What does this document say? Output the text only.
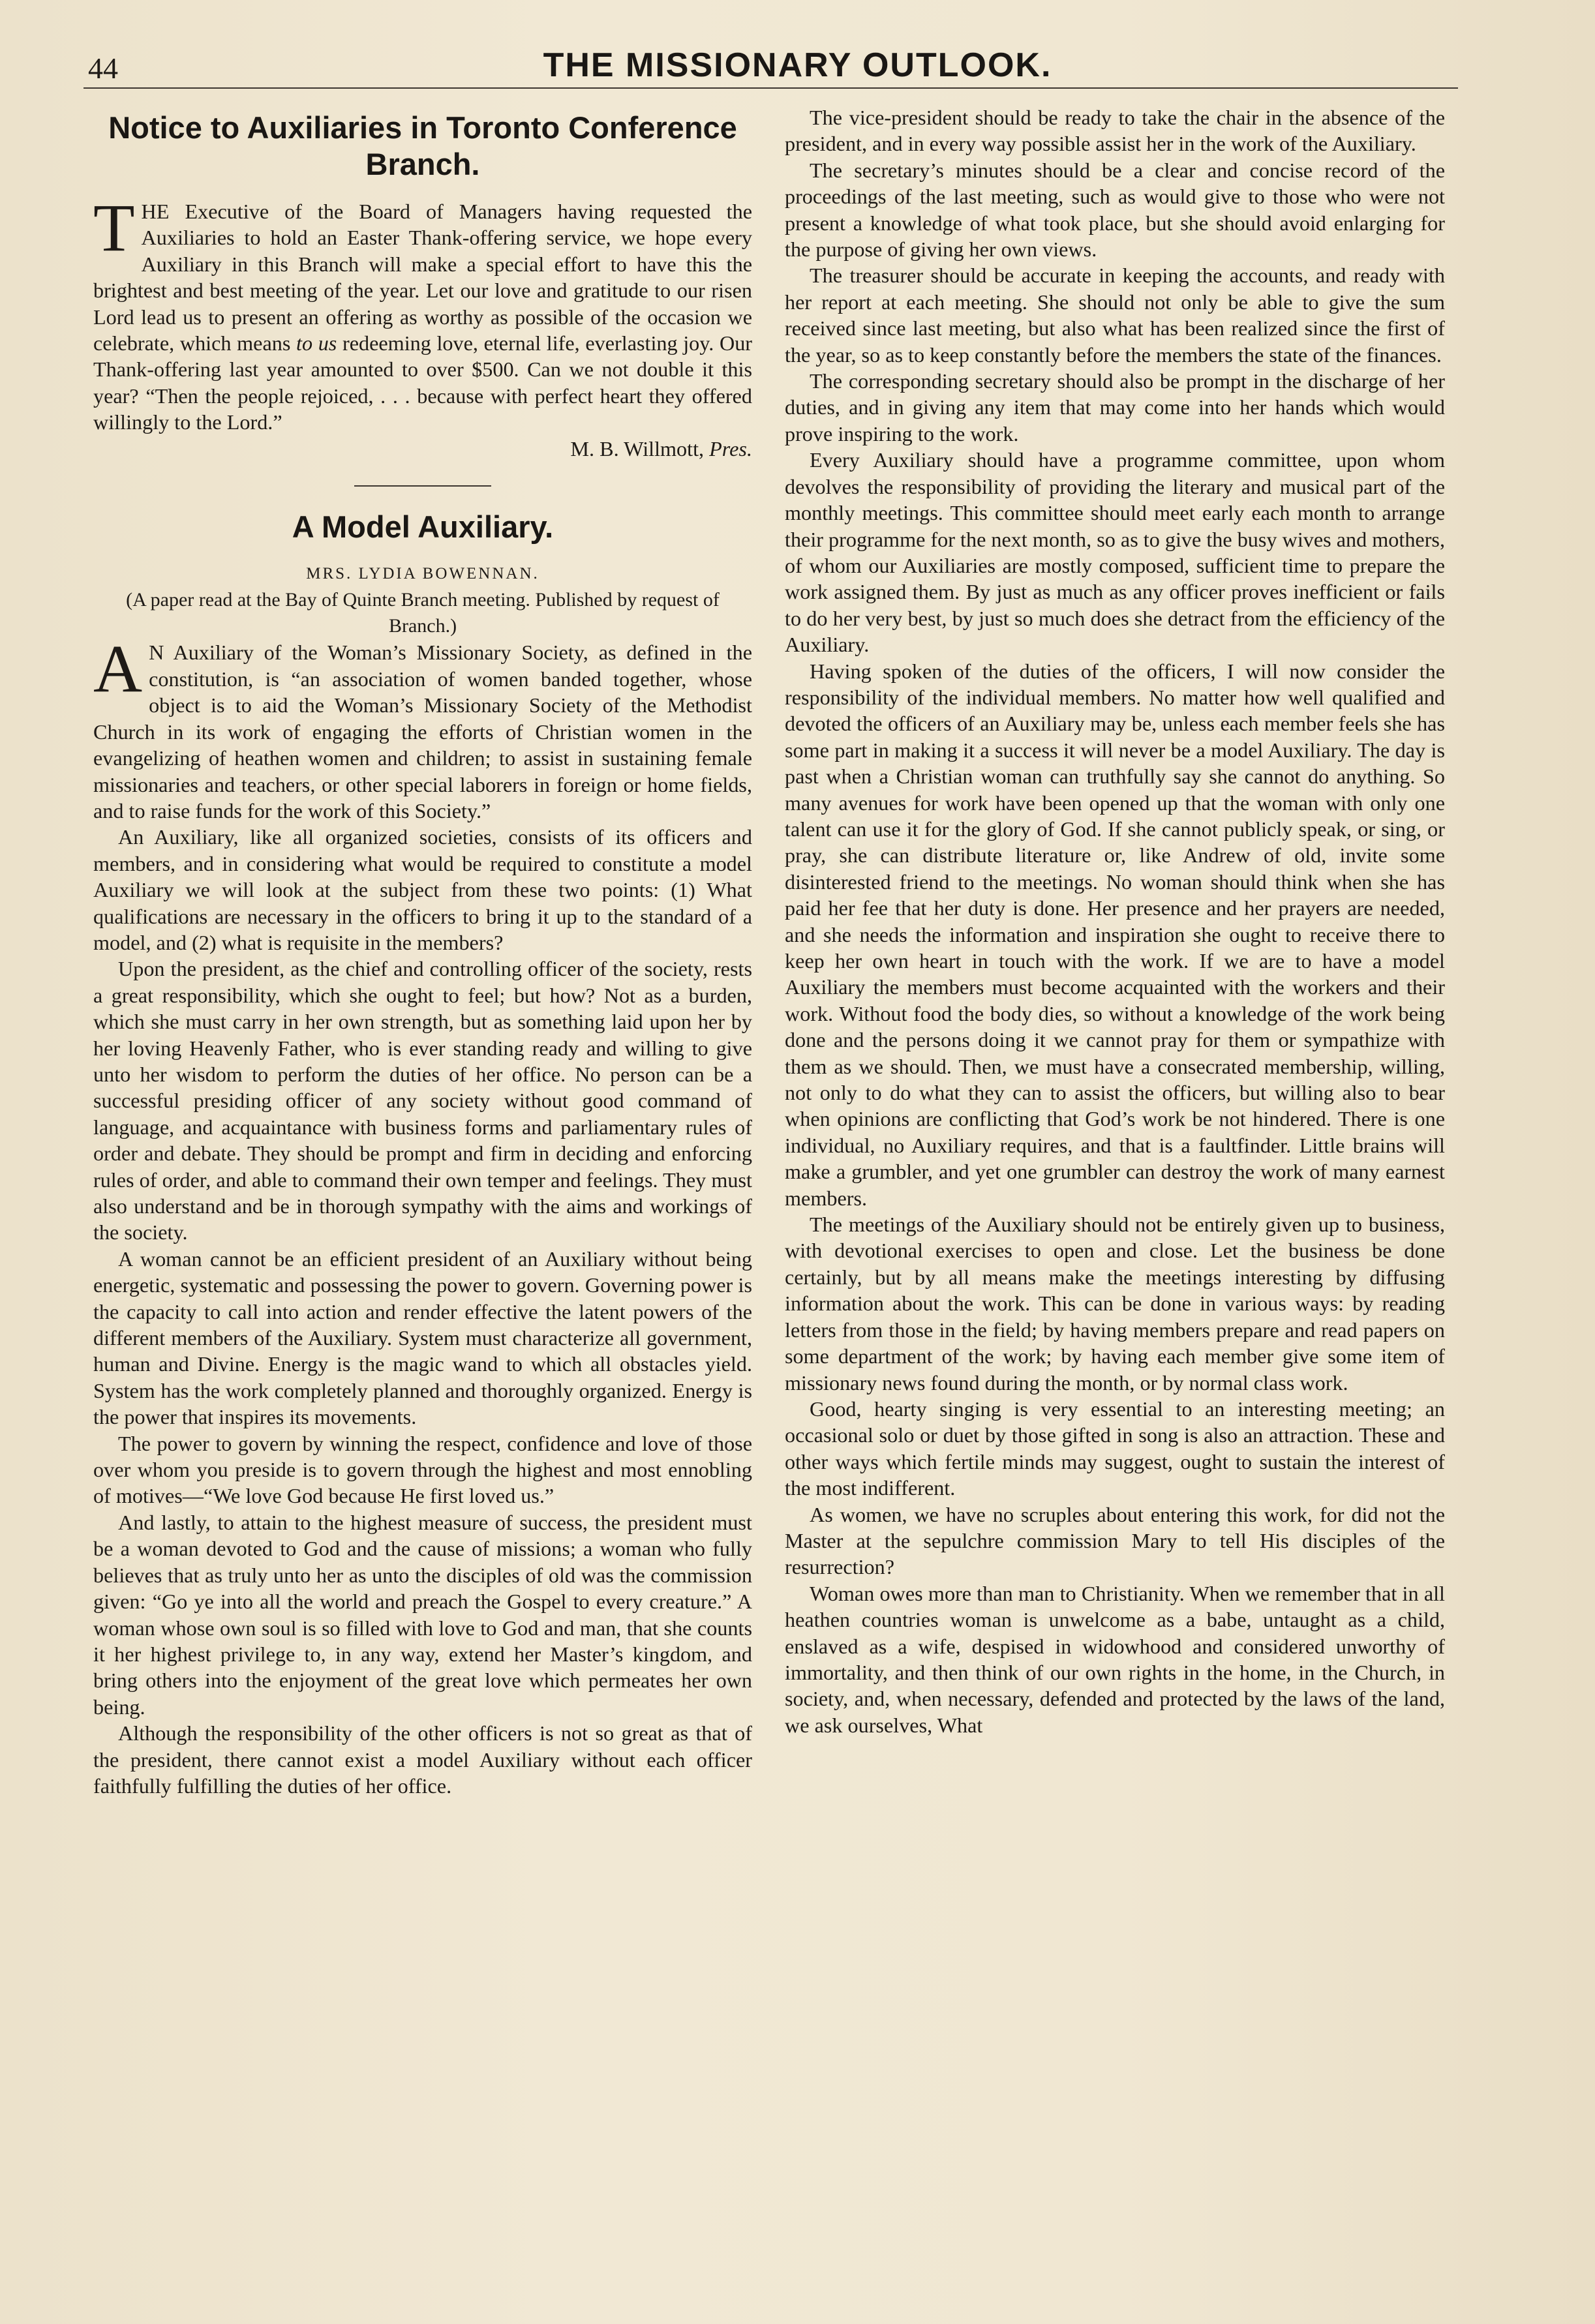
44	THE MISSIONARY OUTLOOK.
Notice to Auxiliaries in Toronto Conference Branch.

THE Executive of the Board of Managers having requested the Auxiliaries to hold an Easter Thank-offering service, we hope every Auxiliary in this Branch will make a special effort to have this the brightest and best meeting of the year. Let our love and gratitude to our risen Lord lead us to present an offering as worthy as possible of the occasion we celebrate, which means to us redeeming love, eternal life, everlasting joy. Our Thank-offering last year amounted to over $500. Can we not double it this year? “Then the people rejoiced, . . . because with perfect heart they offered willingly to the Lord.”

M. B. Willmott, Pres.

A Model Auxiliary.

MRS. LYDIA BOWENNAN.

(A paper read at the Bay of Quinte Branch meeting. Published by request of Branch.)

A N Auxiliary of the Woman’s Missionary Society, as defined in the constitution, is “an association of women banded together, whose object is to aid the Woman’s Missionary Society of the Methodist Church in its work of engaging the efforts of Christian women in the evangelizing of heathen women and children; to assist in sustaining female missionaries and teachers, or other special laborers in foreign or home fields, and to raise funds for the work of this Society.”

An Auxiliary, like all organized societies, consists of its officers and members, and in considering what would be required to constitute a model Auxiliary we will look at the subject from these two points: (1) What qualifications are necessary in the officers to bring it up to the standard of a model, and (2) what is requisite in the members?

Upon the president, as the chief and controlling officer of the society, rests a great responsibility, which she ought to feel; but how? Not as a burden, which she must carry in her own strength, but as something laid upon her by her loving Heavenly Father, who is ever standing ready and willing to give unto her wisdom to perform the duties of her office. No person can be a successful presiding officer of any society without good command of language, and acquaintance with business forms and parliamentary rules of order and debate. They should be prompt and firm in deciding and enforcing rules of order, and able to command their own temper and feelings. They must also understand and be in thorough sympathy with the aims and workings of the society.

A woman cannot be an efficient president of an Auxiliary without being energetic, systematic and possessing the power to govern. Governing power is the capacity to call into action and render effective the latent powers of the different members of the Auxiliary. System must characterize all government, human and Divine. Energy is the magic wand to which all obstacles yield. System has the work completely planned and thoroughly organized. Energy is the power that inspires its movements.

The power to govern by winning the respect, confidence and love of those over whom you preside is to govern through the highest and most ennobling of motives—“We love God because He first loved us.”

And lastly, to attain to the highest measure of success, the president must be a woman devoted to God and the cause of missions; a woman who fully believes that as truly unto her as unto the disciples of old was the commission given: “Go ye into all the world and preach the Gospel to every creature.” A woman whose own soul is so filled with love to God and man, that she counts it her highest privilege to, in any way, extend her Master’s kingdom, and bring others into the enjoyment of the great love which permeates her own being.

Although the responsibility of the other officers is not so great as that of the president, there cannot exist a model Auxiliary without each officer faithfully fulfilling the duties of her office.

The vice-president should be ready to take the chair in the absence of the president, and in every way possible assist her in the work of the Auxiliary.

The secretary’s minutes should be a clear and concise record of the proceedings of the last meeting, such as would give to those who were not present a knowledge of what took place, but she should avoid enlarging for the purpose of giving her own views.

The treasurer should be accurate in keeping the accounts, and ready with her report at each meeting. She should not only be able to give the sum received since last meeting, but also what has been realized since the first of the year, so as to keep constantly before the members the state of the finances.

The corresponding secretary should also be prompt in the discharge of her duties, and in giving any item that may come into her hands which would prove inspiring to the work.

Every Auxiliary should have a programme committee, upon whom devolves the responsibility of providing the literary and musical part of the monthly meetings. This committee should meet early each month to arrange their programme for the next month, so as to give the busy wives and mothers, of whom our Auxiliaries are mostly composed, sufficient time to prepare the work assigned them. By just as much as any officer proves inefficient or fails to do her very best, by just so much does she detract from the efficiency of the Auxiliary.

Having spoken of the duties of the officers, I will now consider the responsibility of the individual members. No matter how well qualified and devoted the officers of an Auxiliary may be, unless each member feels she has some part in making it a success it will never be a model Auxiliary. The day is past when a Christian woman can truthfully say she cannot do anything. So many avenues for work have been opened up that the woman with only one talent can use it for the glory of God. If she cannot publicly speak, or sing, or pray, she can distribute literature or, like Andrew of old, invite some disinterested friend to the meetings. No woman should think when she has paid her fee that her duty is done. Her presence and her prayers are needed, and she needs the information and inspiration she ought to receive there to keep her own heart in touch with the work. If we are to have a model Auxiliary the members must become acquainted with the workers and their work. Without food the body dies, so without a knowledge of the work being done and the persons doing it we cannot pray for them or sympathize with them as we should. Then, we must have a consecrated membership, willing, not only to do what they can to assist the officers, but willing also to bear when opinions are conflicting that God’s work be not hindered. There is one individual, no Auxiliary requires, and that is a faultfinder. Little brains will make a grumbler, and yet one grumbler can destroy the work of many earnest members.

The meetings of the Auxiliary should not be entirely given up to business, with devotional exercises to open and close. Let the business be done certainly, but by all means make the meetings interesting by diffusing information about the work. This can be done in various ways: by reading letters from those in the field; by having members prepare and read papers on some department of the work; by having each member give some item of missionary news found during the month, or by normal class work.

Good, hearty singing is very essential to an interesting meeting; an occasional solo or duet by those gifted in song is also an attraction. These and other ways which fertile minds may suggest, ought to sustain the interest of the most indifferent.

As women, we have no scruples about entering this work, for did not the Master at the sepulchre commission Mary to tell His disciples of the resurrection?

Woman owes more than man to Christianity. When we remember that in all heathen countries woman is unwelcome as a babe, untaught as a child, enslaved as a wife, despised in widowhood and considered unworthy of immortality, and then think of our own rights in the home, in the Church, in society, and, when necessary, defended and protected by the laws of the land, we ask ourselves, What
